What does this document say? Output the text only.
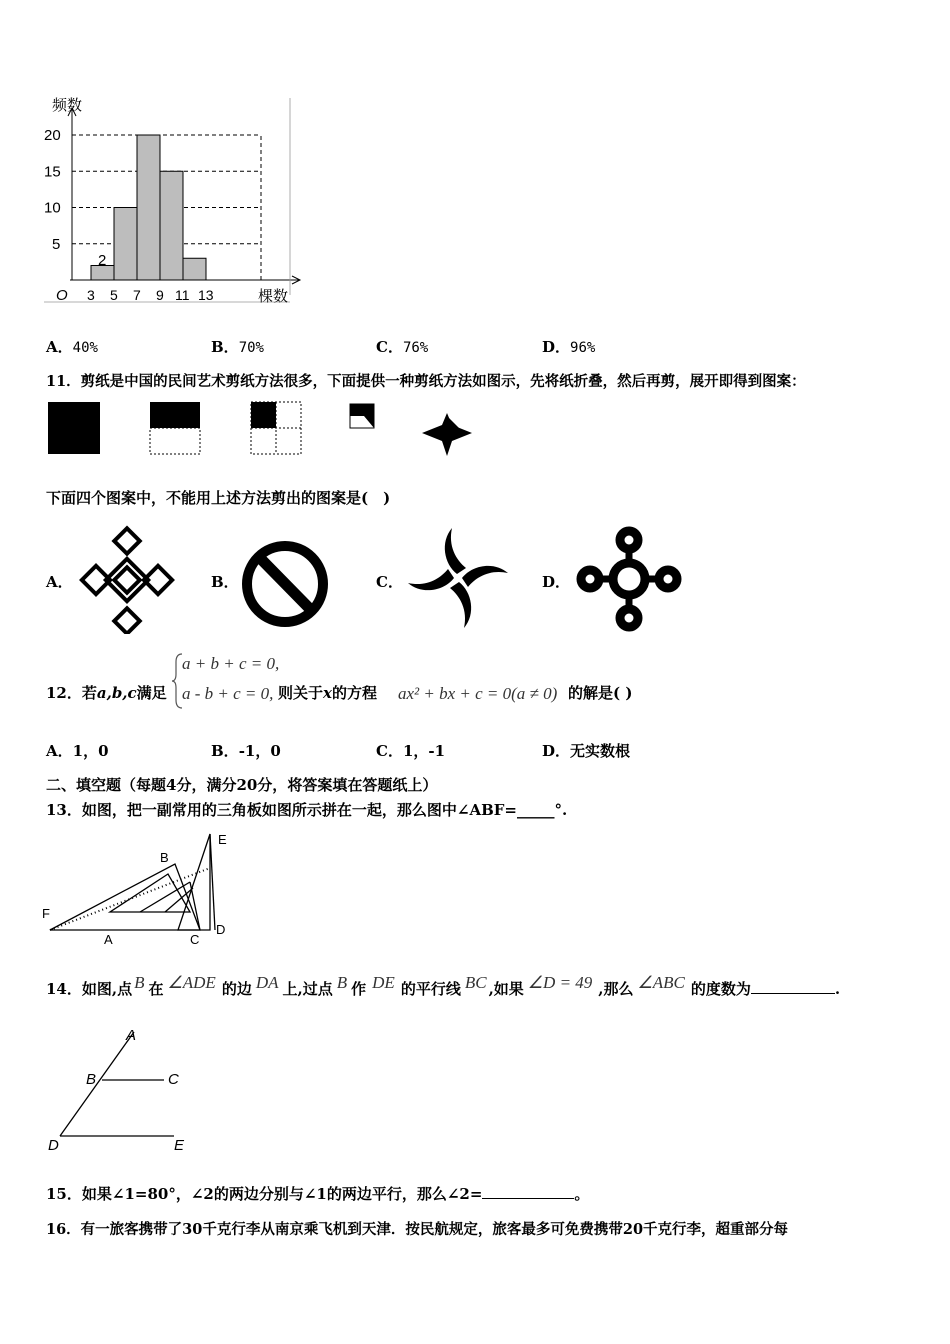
频数
棵数
O
2
5
10
15
20
3 5 7 9 11 13
A．40%	B．70%	C．76%	D．96%
11．剪纸是中国的民间艺术剪纸方法很多，下面提供一种剪纸方法如图示，先将纸折叠，然后再剪，展开即得到图案：
下面四个图案中，不能用上述方法剪出的图案是(　)
A．	B．	C．	D．
12．若a,b,c满足
a + b + c = 0,
a - b + c = 0, 则关于x的方程 ax² + bx + c = 0(a ≠ 0) 的解是( )
A．1，0	B．-1，0	C．1，-1	D．无实数根
二、填空题（每题4分，满分20分，将答案填在答题纸上）
13．如图，把一副常用的三角板如图所示拼在一起，那么图中∠ABF=_____°.
E
B
F
A	C
D
14．如图,点 B 在 ∠ADE 的边 DA 上,过点 B 作 DE 的平行线 BC ,如果 ∠D = 49 ,那么 ∠ABC 的度数为	.
A
B	C
D	E
15．如果∠1=80°，∠2的两边分别与∠1的两边平行，那么∠2=	。
16．有一旅客携带了30千克行李从南京乘飞机到天津．按民航规定，旅客最多可免费携带20千克行李，超重部分每
